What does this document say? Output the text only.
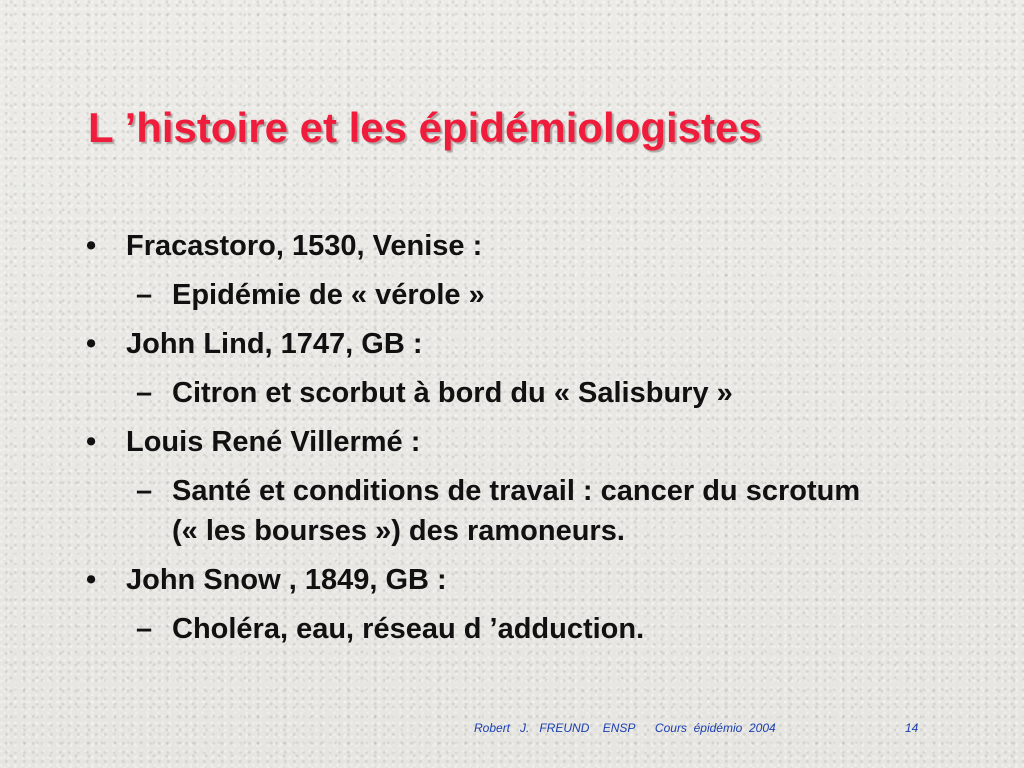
L ’histoire et les épidémiologistes
•	Fracastoro, 1530, Venise :
– Epidémie de « vérole »
•	John Lind, 1747, GB :
– Citron et scorbut à bord du « Salisbury »
•	Louis René Villermé :
– Santé et conditions de travail : cancer du scrotum (« les bourses ») des ramoneurs.
•	John Snow , 1849, GB :
– Choléra, eau, réseau d ’adduction.
Robert   J.   FREUND    ENSP      Cours  épidémio  2004	14
